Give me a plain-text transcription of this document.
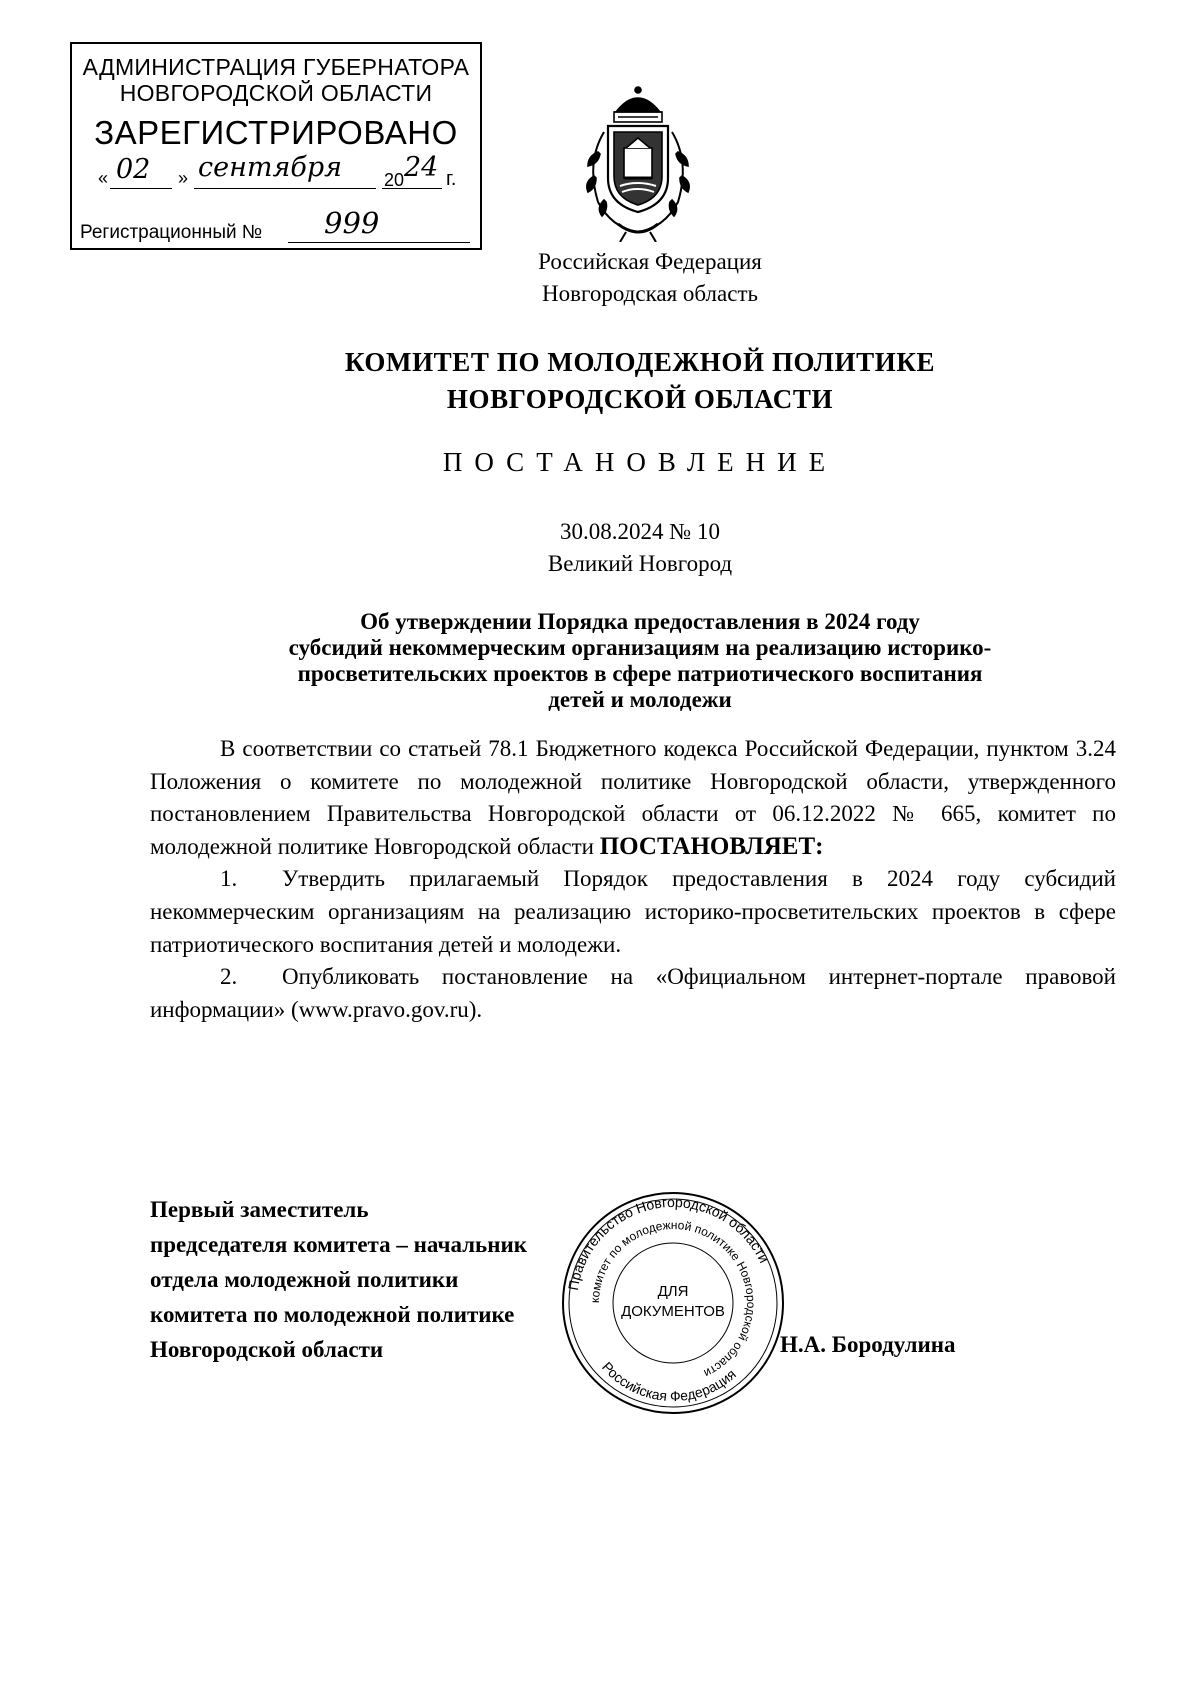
АДМИНИСТРАЦИЯ ГУБЕРНАТОРА
НОВГОРОДСКОЙ ОБЛАСТИ
ЗАРЕГИСТРИРОВАНО
« 02 » сентября 20 24 г.
Регистрационный № 999
Российская Федерация
Новгородская область
КОМИТЕТ ПО МОЛОДЕЖНОЙ ПОЛИТИКЕ
НОВГОРОДСКОЙ ОБЛАСТИ
ПОСТАНОВЛЕНИЕ
30.08.2024 № 10
Великий Новгород
Об утверждении Порядка предоставления в 2024 году
субсидий некоммерческим организациям на реализацию историко-
просветительских проектов в сфере патриотического воспитания
детей и молодежи

В соответствии со статьей 78.1 Бюджетного кодекса Российской Федерации, пунктом 3.24 Положения о комитете по молодежной политике Новгородской области, утвержденного постановлением Правительства Новгородской области от 06.12.2022 № 665, комитет по молодежной политике Новгородской области ПОСТАНОВЛЯЕТ:

1. Утвердить прилагаемый Порядок предоставления в 2024 году субсидий некоммерческим организациям на реализацию историко-просветительских проектов в сфере патриотического воспитания детей и молодежи.

2. Опубликовать постановление на «Официальном интернет-портале правовой информации» (www.pravo.gov.ru).

Первый заместитель
председателя комитета – начальник
отдела молодежной политики
комитета по молодежной политике
Новгородской области	Н.А. Бородулина
Правительство Новгородской области
комитет по молодежной политике Новгородской области
Российская Федерация
ДЛЯ
ДОКУМЕНТОВ
